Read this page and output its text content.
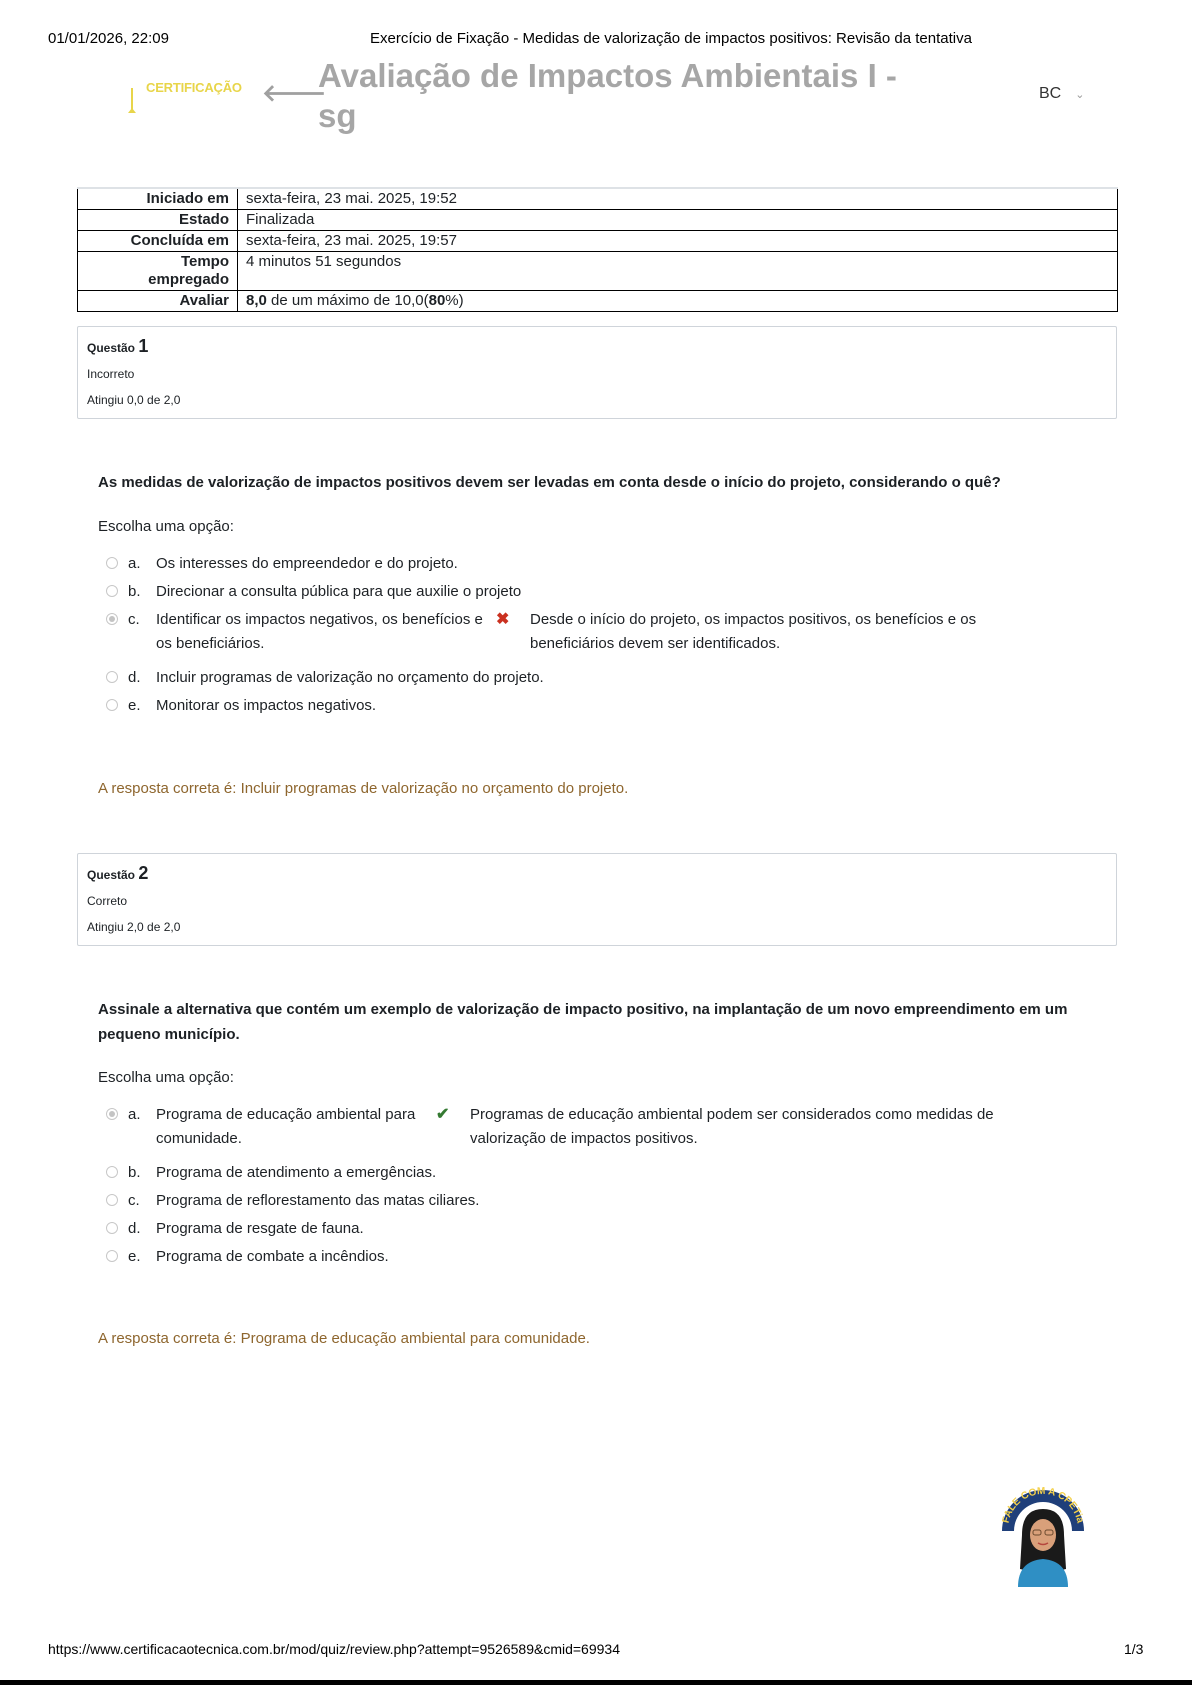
01/01/2026, 22:09	Exercício de Fixação - Medidas de valorização de impactos positivos: Revisão da tentativa
CERTIFICAÇÃO 🡐
Avaliação de Impactos Ambientais I - sg
BC ⌄
Iniciado em	sexta-feira, 23 mai. 2025, 19:52
Estado	Finalizada
Concluída em	sexta-feira, 23 mai. 2025, 19:57
Tempo empregado	4 minutos 51 segundos
Avaliar	8,0 de um máximo de 10,0(80%)
Questão 1
Incorreto
Atingiu 0,0 de 2,0
As medidas de valorização de impactos positivos devem ser levadas em conta desde o início do projeto, considerando o quê?
Escolha uma opção:
a.	Os interesses do empreendedor e do projeto.
b.	Direcionar a consulta pública para que auxilie o projeto
c.	Identificar os impactos negativos, os benefícios e os beneficiários.
✖	Desde o início do projeto, os impactos positivos, os benefícios e os beneficiários devem ser identificados.
d.	Incluir programas de valorização no orçamento do projeto.
e.	Monitorar os impactos negativos.
A resposta correta é: Incluir programas de valorização no orçamento do projeto.
Questão 2
Correto
Atingiu 2,0 de 2,0
Assinale a alternativa que contém um exemplo de valorização de impacto positivo, na implantação de um novo empreendimento em um pequeno município.
Escolha uma opção:
a.	Programa de educação ambiental para comunidade.
✔	Programas de educação ambiental podem ser considerados como medidas de valorização de impactos positivos.
b.	Programa de atendimento a emergências.
c.	Programa de reflorestamento das matas ciliares.
d.	Programa de resgate de fauna.
e.	Programa de combate a incêndios.
A resposta correta é: Programa de educação ambiental para comunidade.
FALE COM A CPETia
https://www.certificacaotecnica.com.br/mod/quiz/review.php?attempt=9526589&cmid=69934	1/3
